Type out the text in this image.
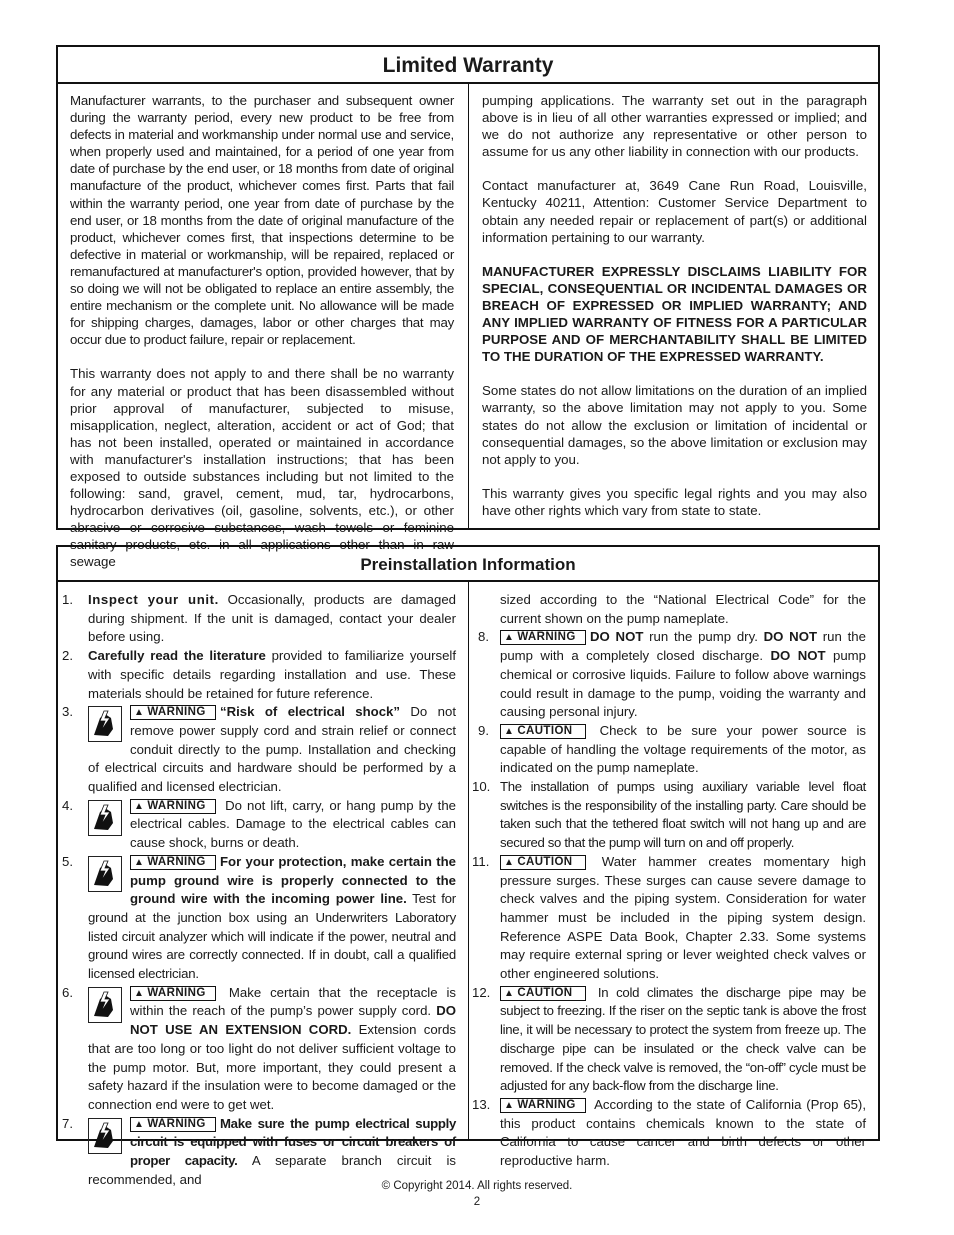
Limited Warranty

Manufacturer warrants, to the purchaser and subsequent owner during the warranty period, every new product to be free from defects in material and workmanship under normal use and service, when properly used and maintained, for a period of one year from date of purchase by the end user, or 18 months from date of original manufacture of the product, whichever comes first. Parts that fail within the warranty period, one year from date of purchase by the end user, or 18 months from the date of original manufacture of the product, whichever comes first, that inspections determine to be defective in material or workmanship, will be repaired, replaced or remanufactured at manufacturer's option, provided however, that by so doing we will not be obligated to replace an entire assembly, the entire mechanism or the complete unit. No allowance will be made for shipping charges, damages, labor or other charges that may occur due to product failure, repair or replacement.

This warranty does not apply to and there shall be no warranty for any material or product that has been disassembled without prior approval of manufacturer, subjected to misuse, misapplication, neglect, alteration, accident or act of God; that has not been installed, operated or maintained in accordance with manufacturer's installation instructions; that has been exposed to outside substances including but not limited to the following: sand, gravel, cement, mud, tar, hydrocarbons, hydrocarbon derivatives (oil, gasoline, solvents, etc.), or other abrasive or corrosive substances, wash towels or feminine sanitary products, etc. in all applications other than in raw sewage

pumping applications. The warranty set out in the paragraph above is in lieu of all other warranties expressed or implied; and we do not authorize any representative or other person to assume for us any other liability in connection with our products.

Contact manufacturer at, 3649 Cane Run Road, Louisville, Kentucky 40211, Attention: Customer Service Department to obtain any needed repair or replacement of part(s) or additional information pertaining to our warranty.

MANUFACTURER EXPRESSLY DISCLAIMS LIABILITY FOR SPECIAL, CONSEQUENTIAL OR INCIDENTAL DAMAGES OR BREACH OF EXPRESSED OR IMPLIED WARRANTY; AND ANY IMPLIED WARRANTY OF FITNESS FOR A PARTICULAR PURPOSE AND OF MERCHANTABILITY SHALL BE LIMITED TO THE DURATION OF THE EXPRESSED WARRANTY.

Some states do not allow limitations on the duration of an implied warranty, so the above limitation may not apply to you. Some states do not allow the exclusion or limitation of incidental or consequential damages, so the above limitation or exclusion may not apply to you.

This warranty gives you specific legal rights and you may also have other rights which vary from state to state.

Preinstallation Information
1. Inspect your unit. Occasionally, products are damaged during shipment. If the unit is damaged, contact your dealer before using.
2. Carefully read the literature provided to familiarize yourself with specific details regarding installation and use. These materials should be retained for future reference.
3.	▲ WARNING “Risk of electrical shock” Do not remove power supply cord and strain relief or connect conduit directly to the pump. Installation and checking of electrical circuits and hardware should be performed by a qualified and licensed electrician.
4.	▲ WARNING Do not lift, carry, or hang pump by the electrical cables. Damage to the electrical cables can cause shock, burns or death.
5.	▲ WARNING For your protection, make certain the pump ground wire is properly connected to the ground wire with the incoming power line. Test for ground at the junction box using an Underwriters Laboratory listed circuit analyzer which will indicate if the power, neutral and ground wires are correctly connected. If in doubt, call a qualified licensed electrician.
6.	▲ WARNING Make certain that the receptacle is within the reach of the pump’s power supply cord. DO NOT USE AN EXTENSION CORD. Extension cords that are too long or too light do not deliver sufficient voltage to the pump motor. But, more important, they could present a safety hazard if the insulation were to become damaged or the connection end were to get wet.
7.	▲ WARNING Make sure the pump electrical supply circuit is equipped with fuses or circuit breakers of proper capacity. A separate branch circuit is recommended, and
sized according to the “National Electrical Code” for the current shown on the pump nameplate.
8.	▲ WARNING DO NOT run the pump dry. DO NOT run the pump with a completely closed discharge. DO NOT pump chemical or corrosive liquids. Failure to follow above warnings could result in damage to the pump, voiding the warranty and causing personal injury.
9.	▲ CAUTION Check to be sure your power source is capable of handling the voltage requirements of the motor, as indicated on the pump nameplate.
10. The installation of pumps using auxiliary variable level float switches is the responsibility of the installing party. Care should be taken such that the tethered float switch will not hang up and are secured so that the pump will turn on and off properly.
11.	▲ CAUTION Water hammer creates momentary high pressure surges. These surges can cause severe damage to check valves and the piping system. Consideration for water hammer must be included in the piping system design. Reference ASPE Data Book, Chapter 2.33. Some systems may require external spring or lever weighted check valves or other engineered solutions.
12.	▲ CAUTION In cold climates the discharge pipe may be subject to freezing. If the riser on the septic tank is above the frost line, it will be necessary to protect the system from freeze up. The discharge pipe can be insulated or the check valve can be removed. If the check valve is removed, the “on-off” cycle must be adjusted for any back-flow from the discharge line.
13.	▲ WARNING According to the state of California (Prop 65), this product contains chemicals known to the state of California to cause cancer and birth defects or other reproductive harm.
© Copyright 2014. All rights reserved.
2
